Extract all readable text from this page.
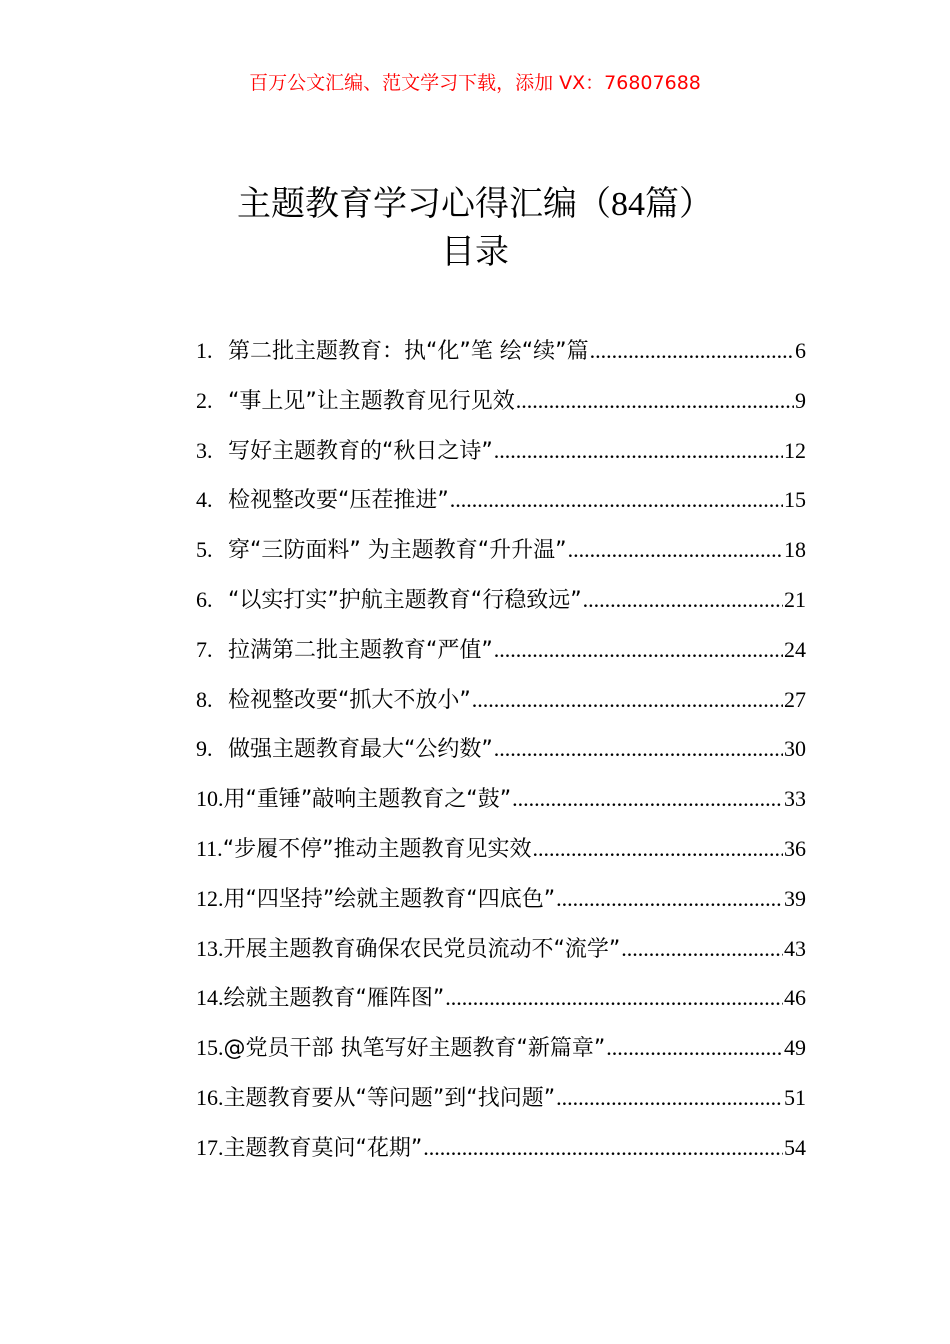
百万公文汇编、范文学习下载，添加 VX：76807688
主题教育学习心得汇编（84篇）
目录
1. 第二批主题教育：执“化”笔 绘“续”篇 .....	6
2. “事上见”让主题教育见行见效 .....	9
3. 写好主题教育的“秋日之诗” .....	12
4. 检视整改要“压茬推进” .....	15
5. 穿“三防面料” 为主题教育“升升温” .....	18
6. “以实打实”护航主题教育“行稳致远” .....	21
7. 拉满第二批主题教育“严值” .....	24
8. 检视整改要“抓大不放小” .....	27
9. 做强主题教育最大“公约数” .....	30
10. 用“重锤”敲响主题教育之“鼓” .....	33
11. “步履不停”推动主题教育见实效 .....	36
12. 用“四坚持”绘就主题教育“四底色” .....	39
13. 开展主题教育确保农民党员流动不“流学” .....	43
14. 绘就主题教育“雁阵图” .....	46
15. @党员干部 执笔写好主题教育“新篇章” .....	49
16. 主题教育要从“等问题”到“找问题” .....	51
17. 主题教育莫问“花期” .....	54
